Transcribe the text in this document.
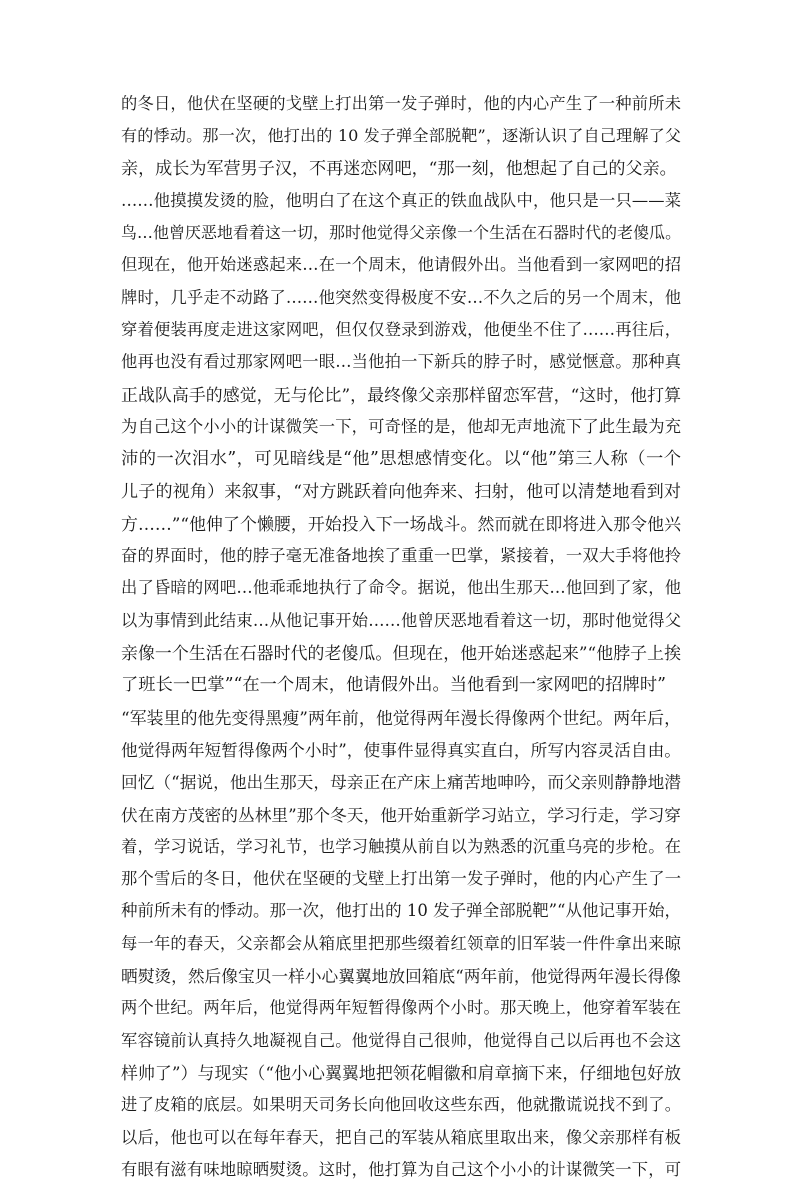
的冬日，他伏在坚硬的戈壁上打出第一发子弹时，他的内心产生了一种前所未
有的悸动。那一次，他打出的 10 发子弹全部脱靶”，逐渐认识了自己理解了父
亲，成长为军营男子汉，不再迷恋网吧，“那一刻，他想起了自己的父亲。
……他摸摸发烫的脸，他明白了在这个真正的铁血战队中，他只是一只——菜
鸟…他曾厌恶地看着这一切，那时他觉得父亲像一个生活在石器时代的老傻瓜。
但现在，他开始迷惑起来…在一个周末，他请假外出。当他看到一家网吧的招
牌时，几乎走不动路了……他突然变得极度不安…不久之后的另一个周末，他
穿着便装再度走进这家网吧，但仅仅登录到游戏，他便坐不住了……再往后，
他再也没有看过那家网吧一眼…当他拍一下新兵的脖子时，感觉惬意。那种真
正战队高手的感觉，无与伦比”，最终像父亲那样留恋军营，“这时，他打算
为自己这个小小的计谋微笑一下，可奇怪的是，他却无声地流下了此生最为充
沛的一次泪水”，可见暗线是“他”思想感情变化。以“他”第三人称（一个
儿子的视角）来叙事，“对方跳跃着向他奔来、扫射，他可以清楚地看到对
方……”“他伸了个懒腰，开始投入下一场战斗。然而就在即将进入那令他兴
奋的界面时，他的脖子毫无准备地挨了重重一巴掌，紧接着，一双大手将他拎
出了昏暗的网吧…他乖乖地执行了命令。据说，他出生那天…他回到了家，他
以为事情到此结束…从他记事开始……他曾厌恶地看着这一切，那时他觉得父
亲像一个生活在石器时代的老傻瓜。但现在，他开始迷惑起来”“他脖子上挨
了班长一巴掌”“在一个周末，他请假外出。当他看到一家网吧的招牌时”
“军装里的他先变得黑瘦”两年前，他觉得两年漫长得像两个世纪。两年后，
他觉得两年短暂得像两个小时”，使事件显得真实直白，所写内容灵活自由。
回忆（“据说，他出生那天，母亲正在产床上痛苦地呻吟，而父亲则静静地潜
伏在南方茂密的丛林里”那个冬天，他开始重新学习站立，学习行走，学习穿
着，学习说话，学习礼节，也学习触摸从前自以为熟悉的沉重乌亮的步枪。在
那个雪后的冬日，他伏在坚硬的戈壁上打出第一发子弹时，他的内心产生了一
种前所未有的悸动。那一次，他打出的 10 发子弹全部脱靶”“从他记事开始，
每一年的春天，父亲都会从箱底里把那些缀着红领章的旧军装一件件拿出来晾
晒熨烫，然后像宝贝一样小心翼翼地放回箱底“两年前，他觉得两年漫长得像
两个世纪。两年后，他觉得两年短暂得像两个小时。那天晚上，他穿着军装在
军容镜前认真持久地凝视自己。他觉得自己很帅，他觉得自己以后再也不会这
样帅了”）与现实（“他小心翼翼地把领花帽徽和肩章摘下来，仔细地包好放
进了皮箱的底层。如果明天司务长向他回收这些东西，他就撒谎说找不到了。
以后，他也可以在每年春天，把自己的军装从箱底里取出来，像父亲那样有板
有眼有滋有味地晾晒熨烫。这时，他打算为自己这个小小的计谋微笑一下，可
